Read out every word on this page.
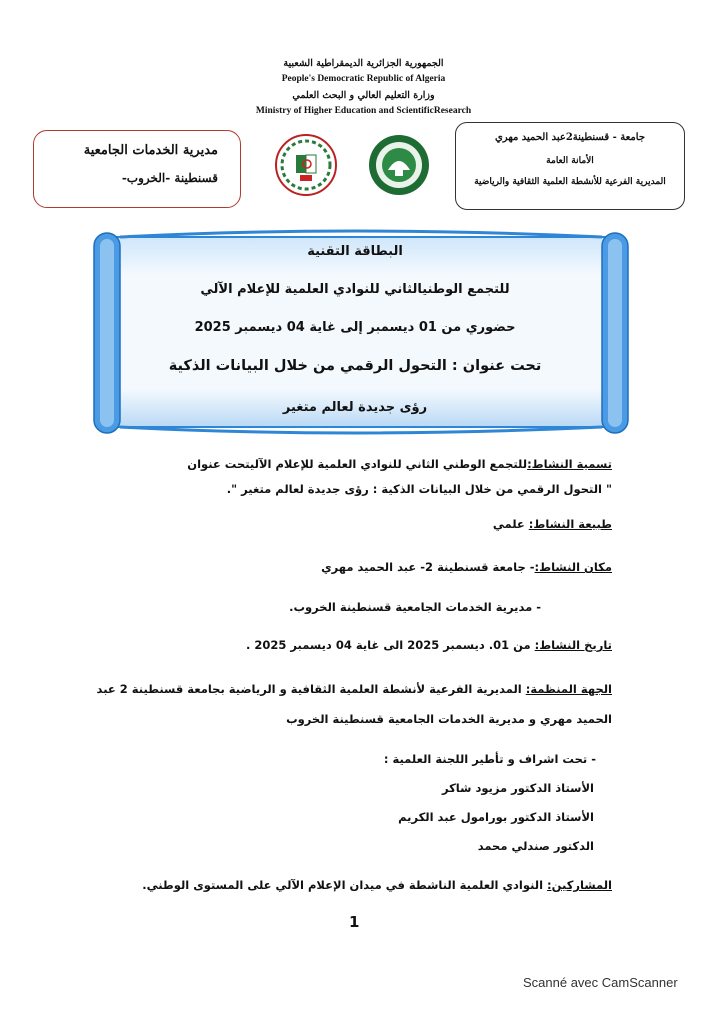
الجمهورية الجزائرية الديمقراطية الشعبية
People's Democratic Republic of Algeria
وزارة التعليم العالي و البحث العلمي
Ministry of Higher Education and ScientificResearch
مديرية الخدمات الجامعية
قسنطينة -الخروب-
جامعة - قسنطينة2عبد الحميد مهري
الأمانة العامة
المديرية الفرعية للأنشطة العلمية الثقافية والرياضية
البطاقة التقنية
للتجمع الوطنيالثاني للنوادي العلمية للإعلام الآلي
حضوري من 01 ديسمبر إلى غاية 04 ديسمبر 2025
تحت عنوان : التحول الرقمي من خلال البيانات الذكية
رؤى جديدة لعالم متغير
تسمية النشاط:للتجمع الوطني الثاني للنوادي العلمية للإعلام الآليتحت عنوان
" التحول الرقمي من خلال البيانات الذكية : رؤى جديدة لعالم متغير ".
طبيعة النشاط: علمي
مكان النشاط:- جامعة قسنطينة 2- عبد الحميد مهري
- مديرية الخدمات الجامعية قسنطينة الخروب.
تاريخ النشاط: من 01. ديسمبر 2025 الى غاية 04 ديسمبر 2025 .
الجهة المنظمة: المديرية الفرعية لأنشطة العلمية الثقافية و الرياضية بجامعة قسنطينة 2 عبد
الحميد مهري و مديرية الخدمات الجامعية قسنطينة الخروب
- تحت اشراف و تأطير اللجنة العلمية :
الأستاذ الدكتور مزيود شاكر
الأستاذ الدكتور بورامول عبد الكريم
الدكتور صندلي محمد
المشاركين: النوادي العلمية الناشطة في ميدان الإعلام الآلي على المستوى الوطني.
1
Scanné avec CamScanner
